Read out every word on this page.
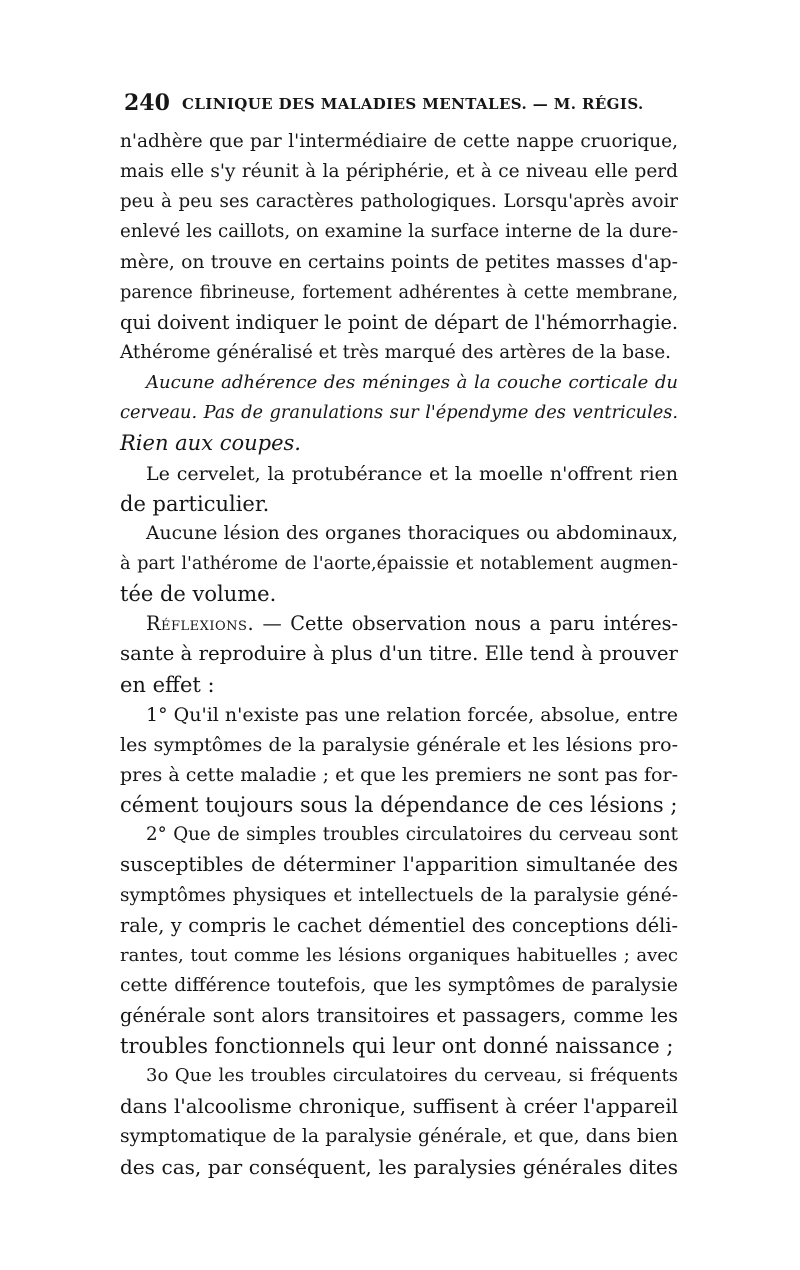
240 CLINIQUE DES MALADIES MENTALES. — M. RÉGIS.
n'adhère que par l'intermédiaire de cette nappe cruorique,
mais elle s'y réunit à la périphérie, et à ce niveau elle perd
peu à peu ses caractères pathologiques. Lorsqu'après avoir
enlevé les caillots, on examine la surface interne de la dure-
mère, on trouve en certains points de petites masses d'ap-
parence fibrineuse, fortement adhérentes à cette membrane,
qui doivent indiquer le point de départ de l'hémorrhagie.
Athérome généralisé et très marqué des artères de la base.
Aucune adhérence des méninges à la couche corticale du
cerveau. Pas de granulations sur l'épendyme des ventricules.
Rien aux coupes.
Le cervelet, la protubérance et la moelle n'offrent rien
de particulier.
Aucune lésion des organes thoraciques ou abdominaux,
à part l'athérome de l'aorte,épaissie et notablement augmen-
tée de volume.
Réflexions. — Cette observation nous a paru intéres-
sante à reproduire à plus d'un titre. Elle tend à prouver
en effet :
1° Qu'il n'existe pas une relation forcée, absolue, entre
les symptômes de la paralysie générale et les lésions pro-
pres à cette maladie ; et que les premiers ne sont pas for-
cément toujours sous la dépendance de ces lésions ;
2° Que de simples troubles circulatoires du cerveau sont
susceptibles de déterminer l'apparition simultanée des
symptômes physiques et intellectuels de la paralysie géné-
rale, y compris le cachet démentiel des conceptions déli-
rantes, tout comme les lésions organiques habituelles ; avec
cette différence toutefois, que les symptômes de paralysie
générale sont alors transitoires et passagers, comme les
troubles fonctionnels qui leur ont donné naissance ;
3o Que les troubles circulatoires du cerveau, si fréquents
dans l'alcoolisme chronique, suffisent à créer l'appareil
symptomatique de la paralysie générale, et que, dans bien
des cas, par conséquent, les paralysies générales dites
